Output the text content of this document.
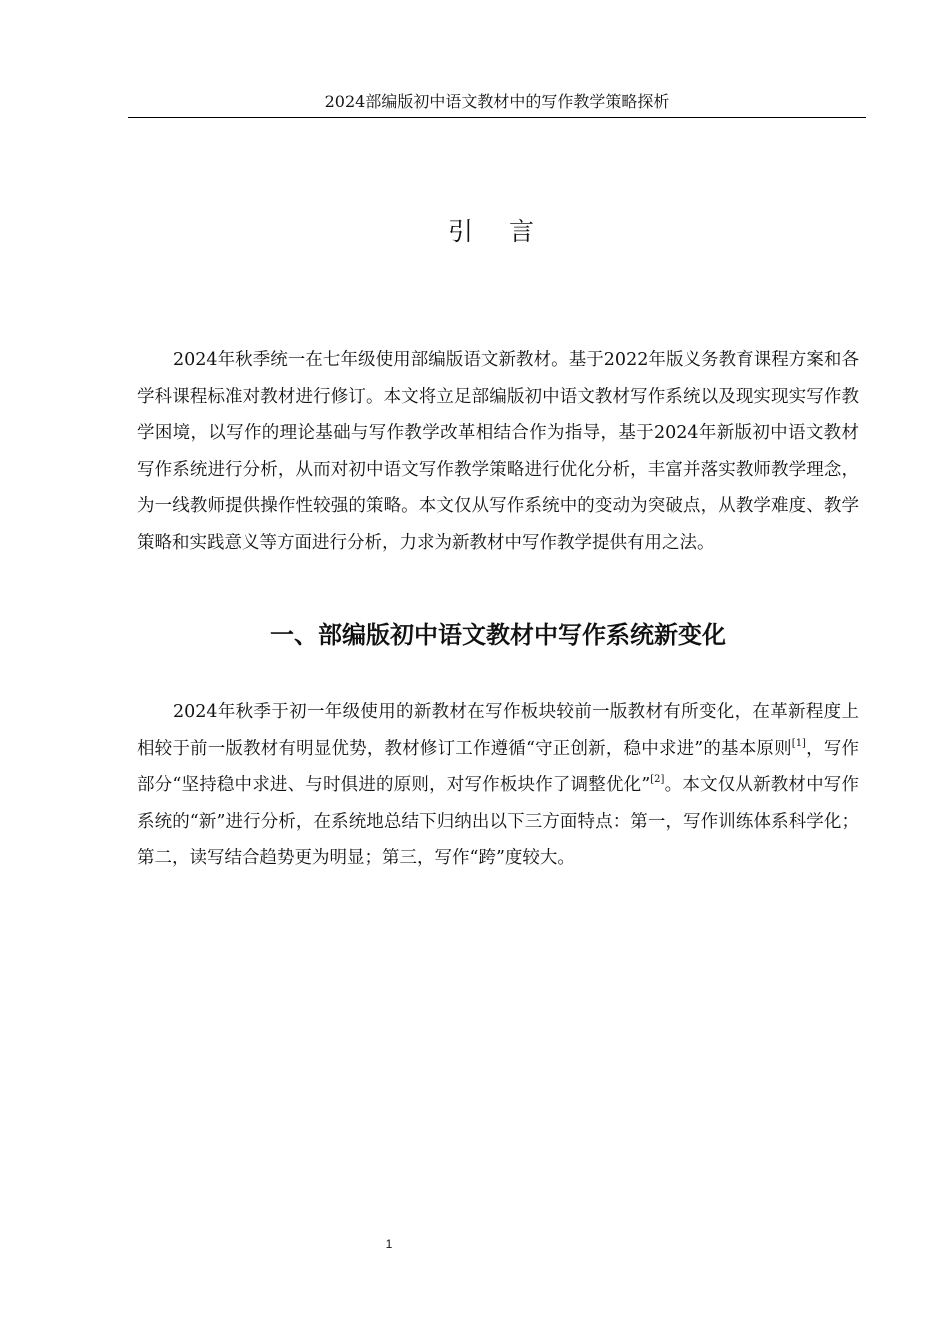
2024部编版初中语文教材中的写作教学策略探析
引 言

2024年秋季统一在七年级使用部编版语文新教材。基于2022年版义务教育课程方案和各学科课程标准对教材进行修订。本文将立足部编版初中语文教材写作系统以及现实现实写作教学困境，以写作的理论基础与写作教学改革相结合作为指导，基于2024年新版初中语文教材写作系统进行分析，从而对初中语文写作教学策略进行优化分析，丰富并落实教师教学理念，为一线教师提供操作性较强的策略。本文仅从写作系统中的变动为突破点，从教学难度、教学策略和实践意义等方面进行分析，力求为新教材中写作教学提供有用之法。

一、部编版初中语文教材中写作系统新变化

2024年秋季于初一年级使用的新教材在写作板块较前一版教材有所变化，在革新程度上相较于前一版教材有明显优势，教材修订工作遵循“守正创新，稳中求进”的基本原则[1]，写作部分“坚持稳中求进、与时俱进的原则，对写作板块作了调整优化”[2]。本文仅从新教材中写作系统的“新”进行分析，在系统地总结下归纳出以下三方面特点：第一，写作训练体系科学化；第二，读写结合趋势更为明显；第三，写作“跨”度较大。

1
